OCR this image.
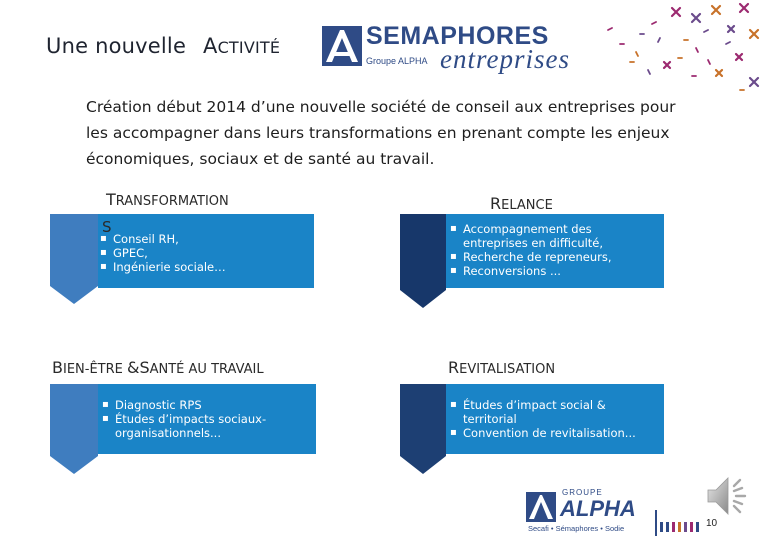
Une nouvelle ACTIVITÉ	SEMAPHORES
Groupe ALPHA entreprises
Création début 2014 d’une nouvelle société de conseil aux entreprises pour
les accompagner dans leurs transformations en prenant compte les enjeux
économiques, sociaux et de santé au travail.
TRANSFORMATION
S
▪ Conseil RH,
▪ GPEC,
▪ Ingénierie sociale…
RELANCE
▪ Accompagnement des entreprises en difficulté,
▪ Recherche de repreneurs,
▪ Reconversions ...
BIEN-ÊTRE &SANTÉ AU TRAVAIL
▪ Diagnostic RPS
▪ Études d’impacts sociaux-organisationnels...
REVITALISATION
▪ Études d’impact social & territorial
▪ Convention de revitalisation...
GROUPE
ALPHA
Secafi • Sémaphores • Sodie	10
